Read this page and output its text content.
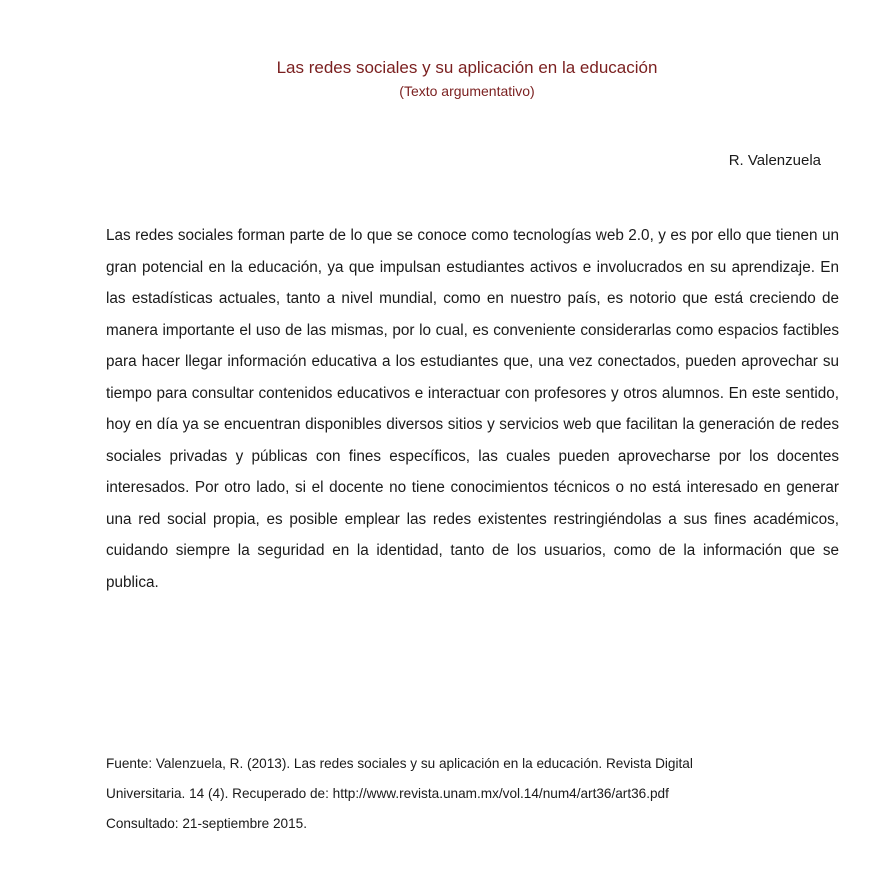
Las redes sociales y su aplicación en la educación
(Texto argumentativo)
R. Valenzuela

Las redes sociales forman parte de lo que se conoce como tecnologías web 2.0, y es por ello que tienen un gran potencial en la educación, ya que impulsan estudiantes activos e involucrados en su aprendizaje. En las estadísticas actuales, tanto a nivel mundial, como en nuestro país, es notorio que está creciendo de manera importante el uso de las mismas, por lo cual, es conveniente considerarlas como espacios factibles para hacer llegar información educativa a los estudiantes que, una vez conectados, pueden aprovechar su tiempo para consultar contenidos educativos e interactuar con profesores y otros alumnos. En este sentido, hoy en día ya se encuentran disponibles diversos sitios y servicios web que facilitan la generación de redes sociales privadas y públicas con fines específicos, las cuales pueden aprovecharse por los docentes interesados. Por otro lado, si el docente no tiene conocimientos técnicos o no está interesado en generar una red social propia, es posible emplear las redes existentes restringiéndolas a sus fines académicos, cuidando siempre la seguridad en la identidad, tanto de los usuarios, como de la información que se publica.

Fuente: Valenzuela, R. (2013). Las redes sociales y su aplicación en la educación. Revista Digital
Universitaria. 14 (4). Recuperado de: http://www.revista.unam.mx/vol.14/num4/art36/art36.pdf
Consultado: 21-septiembre 2015.
